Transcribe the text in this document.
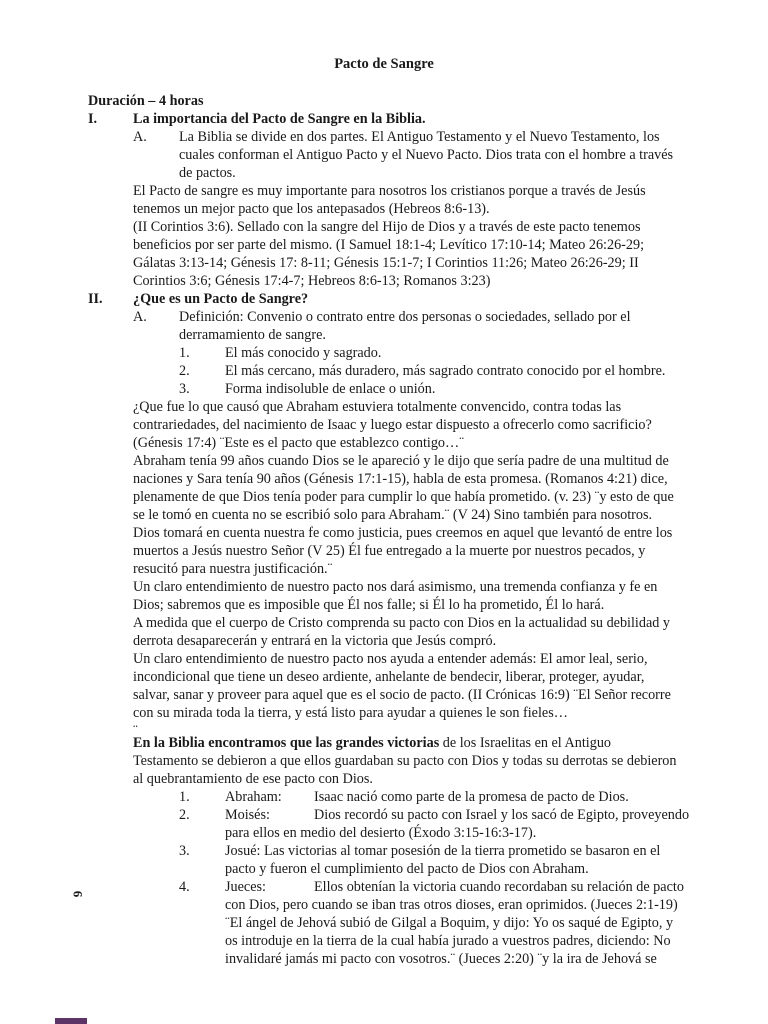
Pacto de Sangre
Duración – 4 horas
I.	La importancia del Pacto de Sangre en la Biblia.
A. La Biblia se divide en dos partes. El Antiguo Testamento y el Nuevo Testamento, los

cuales conforman el Antiguo Pacto y el Nuevo Pacto. Dios trata con el hombre a través

de pactos.

El Pacto de sangre es muy importante para nosotros los cristianos porque a través de Jesús

tenemos un mejor pacto que los antepasados (Hebreos 8:6-13).

(II Corintios 3:6). Sellado con la sangre del Hijo de Dios y a través de este pacto tenemos

beneficios por ser parte del mismo. (I Samuel 18:1-4; Levítico 17:10-14; Mateo 26:26-29;

Gálatas 3:13-14; Génesis 17: 8-11; Génesis 15:1-7; I Corintios 11:26; Mateo 26:26-29; II

Corintios 3:6; Génesis 17:4-7; Hebreos 8:6-13; Romanos 3:23)

II. ¿Que es un Pacto de Sangre?
A. Definición: Convenio o contrato entre dos personas o sociedades, sellado por el

derramamiento de sangre.

1. El más conocido y sagrado.
2. El más cercano, más duradero, más sagrado contrato conocido por el hombre.
3. Forma indisoluble de enlace o unión.

¿Que fue lo que causó que Abraham estuviera totalmente convencido, contra todas las

contrariedades, del nacimiento de Isaac y luego estar dispuesto a ofrecerlo como sacrificio?

(Génesis 17:4) ¨Este es el pacto que establezco contigo…¨

Abraham tenía 99 años cuando Dios se le apareció y le dijo que sería padre de una multitud de

naciones y Sara tenía 90 años (Génesis 17:1-15), habla de esta promesa. (Romanos 4:21) dice,

plenamente de que Dios tenía poder para cumplir lo que había prometido. (v. 23) ¨y esto de que

se le tomó en cuenta no se escribió solo para Abraham.¨ (V 24) Sino también para nosotros.

Dios tomará en cuenta nuestra fe como justicia, pues creemos en aquel que levantó de entre los

muertos a Jesús nuestro Señor (V 25) Él fue entregado a la muerte por nuestros pecados, y

resucitó para nuestra justificación.¨

Un claro entendimiento de nuestro pacto nos dará asimismo, una tremenda confianza y fe en

Dios; sabremos que es imposible que Él nos falle; si Él lo ha prometido, Él lo hará.

A medida que el cuerpo de Cristo comprenda su pacto con Dios en la actualidad su debilidad y

derrota desaparecerán y entrará en la victoria que Jesús compró.

Un claro entendimiento de nuestro pacto nos ayuda a entender además: El amor leal, serio,

incondicional que tiene un deseo ardiente, anhelante de bendecir, liberar, proteger, ayudar,

salvar, sanar y proveer para aquel que es el socio de pacto. (II Crónicas 16:9) ¨El Señor recorre

con su mirada toda la tierra, y está listo para ayudar a quienes le son fieles…

¨

En la Biblia encontramos que las grandes victorias de los Israelitas en el Antiguo

Testamento se debieron a que ellos guardaban su pacto con Dios y todas su derrotas se debieron

al quebrantamiento de ese pacto con Dios.

1. Abraham: Isaac nació como parte de la promesa de pacto de Dios.
2. Moisés:	Dios recordó su pacto con Israel y los sacó de Egipto, proveyendo
para ellos en medio del desierto (Éxodo 3:15-16:3-17).
3. Josué: Las victorias al tomar posesión de la tierra prometido se basaron en el
pacto y fueron el cumplimiento del pacto de Dios con Abraham.
4. Jueces:	Ellos obtenían la victoria cuando recordaban su relación de pacto
con Dios, pero cuando se iban tras otros dioses, eran oprimidos. (Jueces 2:1-19)
¨El ángel de Jehová subió de Gilgal a Boquim, y dijo: Yo os saqué de Egipto, y
os introduje en la tierra de la cual había jurado a vuestros padres, diciendo: No
invalidaré jamás mi pacto con vosotros.¨ (Jueces 2:20) ¨y la ira de Jehová se
6
